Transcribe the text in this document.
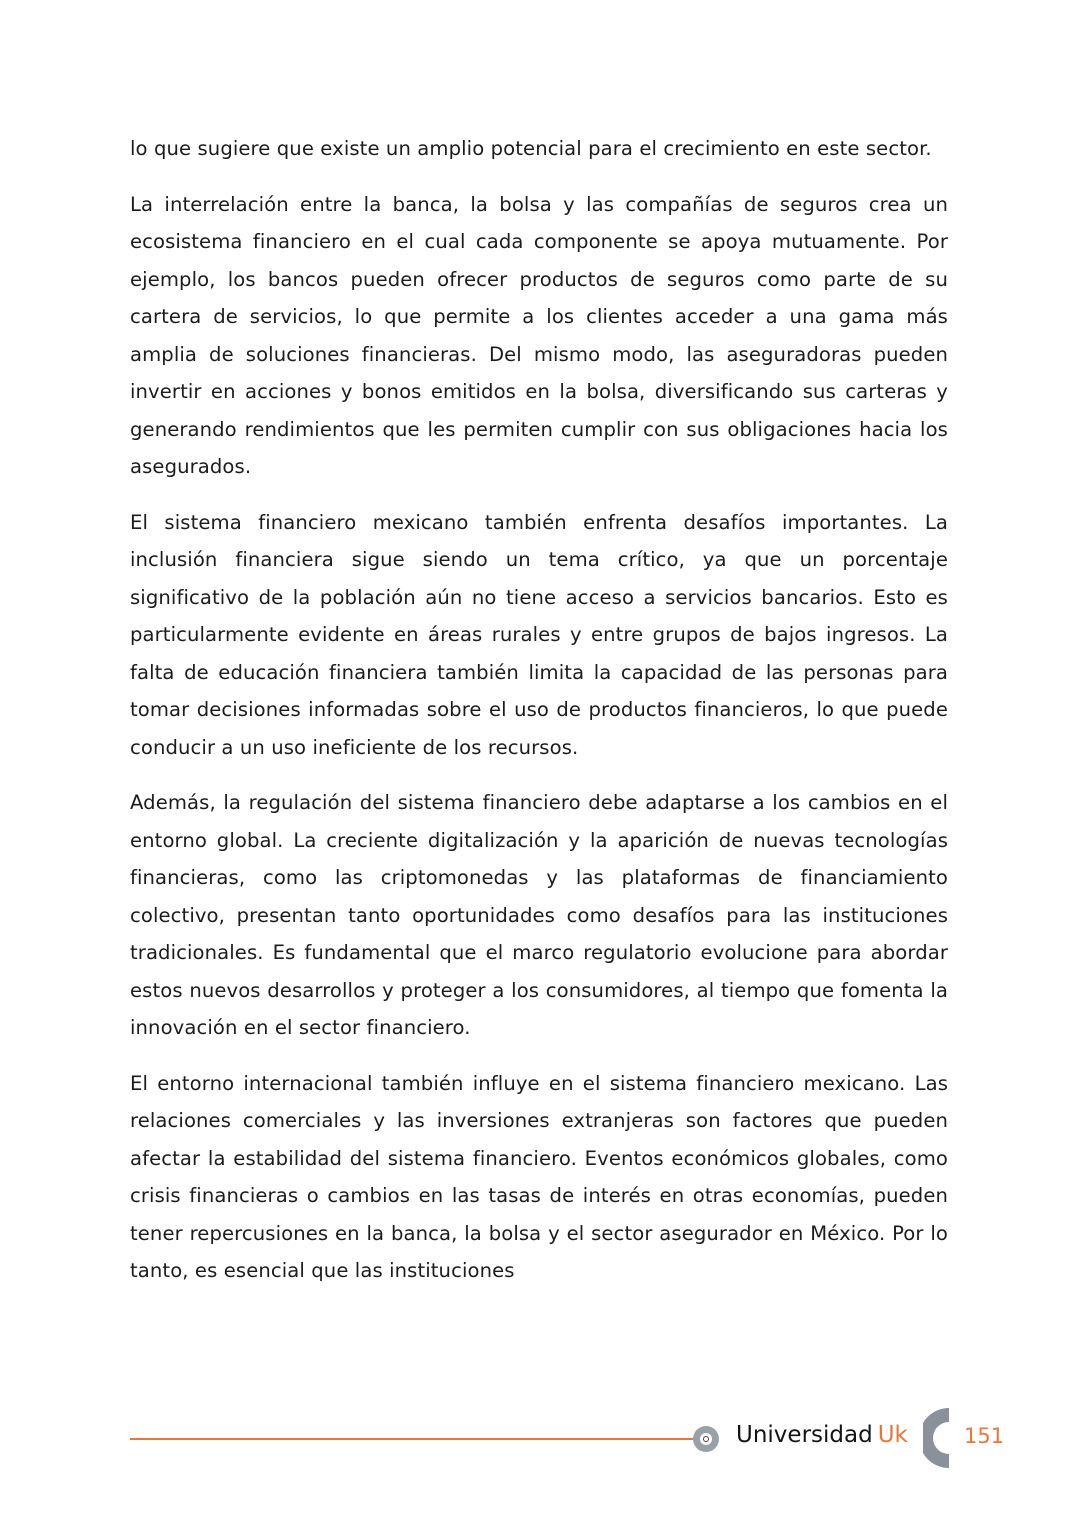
lo que sugiere que existe un amplio potencial para el crecimiento en este sector.

La interrelación entre la banca, la bolsa y las compañías de seguros crea un ecosistema financiero en el cual cada componente se apoya mutuamente. Por ejemplo, los bancos pueden ofrecer productos de seguros como parte de su cartera de servicios, lo que permite a los clientes acceder a una gama más amplia de soluciones financieras. Del mismo modo, las aseguradoras pueden invertir en acciones y bonos emitidos en la bolsa, diversificando sus carteras y generando rendimientos que les permiten cumplir con sus obligaciones hacia los asegurados.

El sistema financiero mexicano también enfrenta desafíos importantes. La inclusión financiera sigue siendo un tema crítico, ya que un porcentaje significativo de la población aún no tiene acceso a servicios bancarios. Esto es particularmente evidente en áreas rurales y entre grupos de bajos ingresos. La falta de educación financiera también limita la capacidad de las personas para tomar decisiones informadas sobre el uso de productos financieros, lo que puede conducir a un uso ineficiente de los recursos.

Además, la regulación del sistema financiero debe adaptarse a los cambios en el entorno global. La creciente digitalización y la aparición de nuevas tecnologías financieras, como las criptomonedas y las plataformas de financiamiento colectivo, presentan tanto oportunidades como desafíos para las instituciones tradicionales. Es fundamental que el marco regulatorio evolucione para abordar estos nuevos desarrollos y proteger a los consumidores, al tiempo que fomenta la innovación en el sector financiero.

El entorno internacional también influye en el sistema financiero mexicano. Las relaciones comerciales y las inversiones extranjeras son factores que pueden afectar la estabilidad del sistema financiero. Eventos económicos globales, como crisis financieras o cambios en las tasas de interés en otras economías, pueden tener repercusiones en la banca, la bolsa y el sector asegurador en México. Por lo tanto, es esencial que las instituciones

Universidad Uk	151
